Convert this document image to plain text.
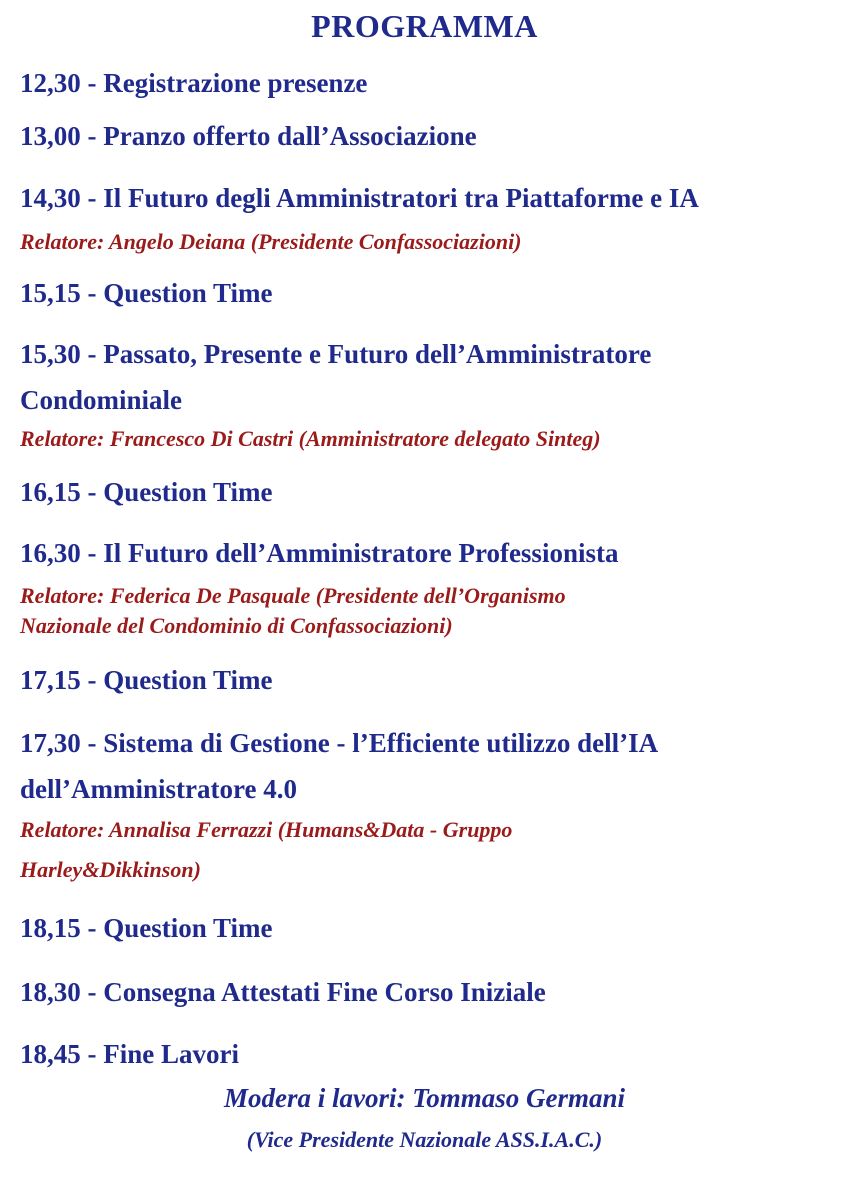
PROGRAMMA

12,30 - Registrazione presenze

13,00 - Pranzo offerto dall’Associazione

14,30 - Il Futuro degli Amministratori tra Piattaforme e IA

Relatore: Angelo Deiana (Presidente Confassociazioni)

15,15 - Question Time

15,30 - Passato, Presente e Futuro dell’Amministratore
Condominiale

Relatore: Francesco Di Castri (Amministratore delegato Sinteg)

16,15 - Question Time

16,30 - Il Futuro dell’Amministratore Professionista

Relatore: Federica De Pasquale (Presidente dell’Organismo
Nazionale del Condominio di Confassociazioni)

17,15 - Question Time

17,30 - Sistema di Gestione - l’Efficiente utilizzo dell’IA
dell’Amministratore 4.0
Relatore: Annalisa Ferrazzi (Humans&Data - Gruppo
Harley&Dikkinson)

18,15 - Question Time

18,30 - Consegna Attestati Fine Corso Iniziale

18,45 - Fine Lavori

Modera i lavori: Tommaso Germani

(Vice Presidente Nazionale ASS.I.A.C.)
